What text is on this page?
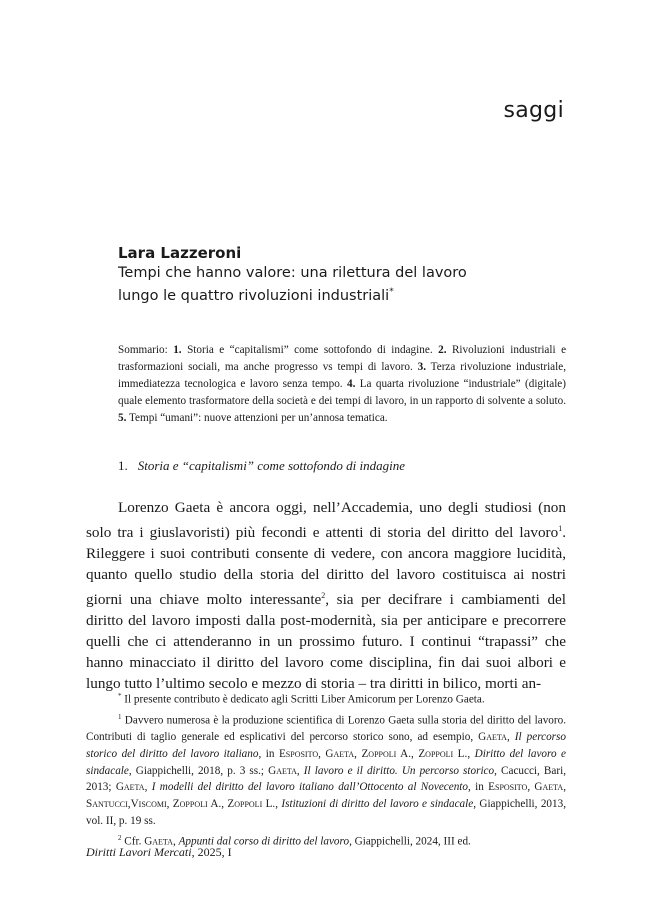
saggi
Lara Lazzeroni
Tempi che hanno valore: una rilettura del lavoro
lungo le quattro rivoluzioni industriali*
Sommario: 1. Storia e “capitalismi” come sottofondo di indagine. 2. Rivoluzioni industriali e trasformazioni sociali, ma anche progresso vs tempi di lavoro. 3. Terza rivoluzione industriale, immediatezza tecnologica e lavoro senza tempo. 4. La quarta rivoluzione “industriale” (digitale) quale elemento trasformatore della società e dei tempi di lavoro, in un rapporto di solvente a soluto. 5. Tempi “umani”: nuove attenzioni per un’annosa tematica.
1. Storia e “capitalismi” come sottofondo di indagine
Lorenzo Gaeta è ancora oggi, nell’Accademia, uno degli studiosi (non solo tra i giuslavoristi) più fecondi e attenti di storia del diritto del lavoro$^1$. Rileggere i suoi contributi consente di vedere, con ancora maggiore lucidità, quanto quello studio della storia del diritto del lavoro costituisca ai nostri giorni una chiave molto interessante$^2$, sia per decifrare i cambiamenti del diritto del lavoro imposti dalla post-modernità, sia per anticipare e precorrere quelli che ci attenderanno in un prossimo futuro. I continui “trapassi” che hanno minacciato il diritto del lavoro come disciplina, fin dai suoi albori e lungo tutto l’ultimo secolo e mezzo di storia – tra diritti in bilico, morti an-

* Il presente contributo è dedicato agli Scritti Liber Amicorum per Lorenzo Gaeta.

$^1$ Davvero numerosa è la produzione scientifica di Lorenzo Gaeta sulla storia del diritto del lavoro. Contributi di taglio generale ed esplicativi del percorso storico sono, ad esempio, Gaeta, Il percorso storico del diritto del lavoro italiano, in Esposito, Gaeta, Zoppoli A., Zoppoli L., Diritto del lavoro e sindacale, Giappichelli, 2018, p. 3 ss.; Gaeta, Il lavoro e il diritto. Un percorso storico, Cacucci, Bari, 2013; Gaeta, I modelli del diritto del lavoro italiano dall’Ottocento al Novecento, in Esposito, Gaeta, Santucci,Viscomi, Zoppoli A., Zoppoli L., Istituzioni di diritto del lavoro e sindacale, Giappichelli, 2013, vol. II, p. 19 ss.

$^2$ Cfr. Gaeta, Appunti dal corso di diritto del lavoro, Giappichelli, 2024, III ed.

Diritti Lavori Mercati, 2025, I
